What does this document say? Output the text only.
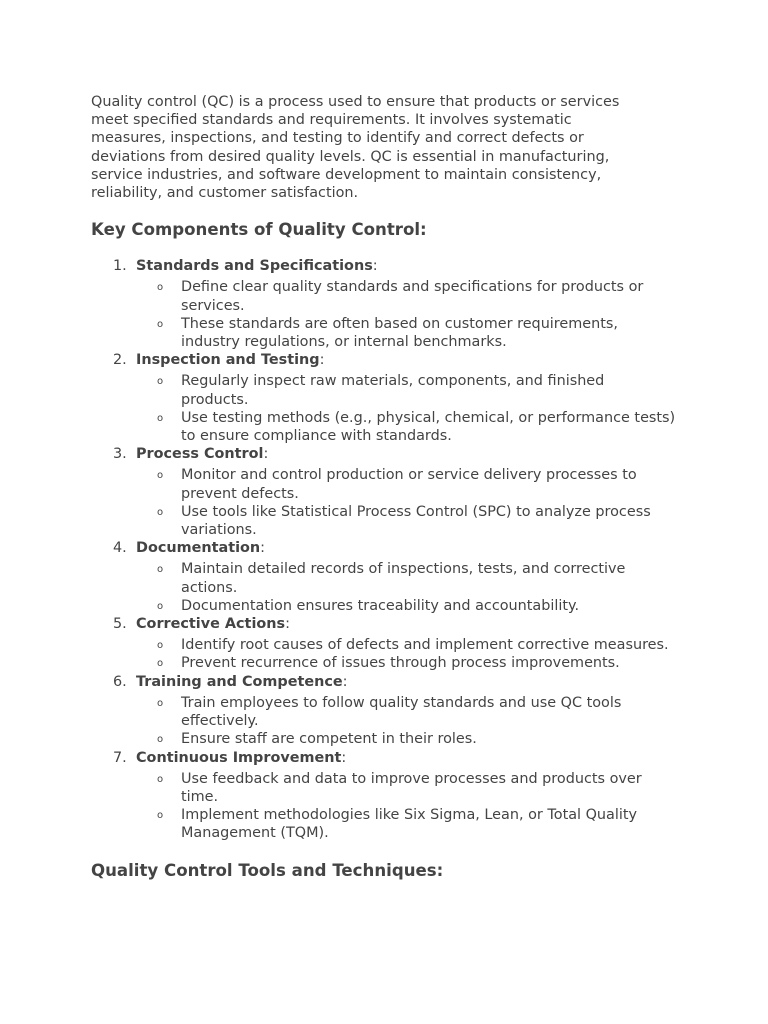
Quality control (QC) is a process used to ensure that products or services meet specified standards and requirements. It involves systematic measures, inspections, and testing to identify and correct defects or deviations from desired quality levels. QC is essential in manufacturing, service industries, and software development to maintain consistency, reliability, and customer satisfaction.

Key Components of Quality Control:
1. Standards and Specifications:
o Define clear quality standards and specifications for products or services.
o These standards are often based on customer requirements, industry regulations, or internal benchmarks.
2. Inspection and Testing:
o Regularly inspect raw materials, components, and finished products.
o Use testing methods (e.g., physical, chemical, or performance tests) to ensure compliance with standards.
3. Process Control:
o Monitor and control production or service delivery processes to prevent defects.
o Use tools like Statistical Process Control (SPC) to analyze process variations.
4. Documentation:
o Maintain detailed records of inspections, tests, and corrective actions.
o Documentation ensures traceability and accountability.
5. Corrective Actions:
o Identify root causes of defects and implement corrective measures.
o Prevent recurrence of issues through process improvements.
6. Training and Competence:
o Train employees to follow quality standards and use QC tools effectively.
o Ensure staff are competent in their roles.
7. Continuous Improvement:
o Use feedback and data to improve processes and products over time.
o Implement methodologies like Six Sigma, Lean, or Total Quality Management (TQM).
Quality Control Tools and Techniques:
